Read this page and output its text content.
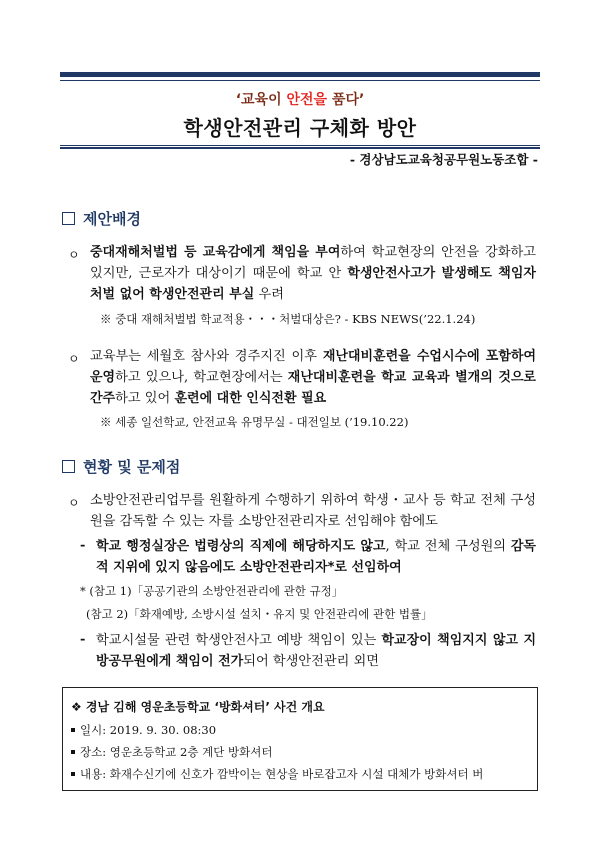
‘교육이 안전을 품다’
학생안전관리 구체화 방안
- 경상남도교육청공무원노동조합 -
제안배경
ㅇ 중대재해처벌법 등 교육감에게 책임을 부여하여 학교현장의 안전을 강화하고 있지만, 근로자가 대상이기 때문에 학교 안 학생안전사고가 발생해도 책임자 처벌 없어 학생안전관리 부실 우려
※ 중대 재해처벌법 학교적용・・・처벌대상은? - KBS NEWS(’22.1.24)
ㅇ 교육부는 세월호 참사와 경주지진 이후 재난대비훈련을 수업시수에 포함하여 운영하고 있으나, 학교현장에서는 재난대비훈련을 학교 교육과 별개의 것으로 간주하고 있어 훈련에 대한 인식전환 필요
※ 세종 일선학교, 안전교육 유명무실 - 대전일보 (’19.10.22)
현황 및 문제점
ㅇ 소방안전관리업무를 원활하게 수행하기 위하여 학생・교사 등 학교 전체 구성원을 감독할 수 있는 자를 소방안전관리자로 선임해야 함에도
- 학교 행정실장은 법령상의 직제에 해당하지도 않고, 학교 전체 구성원의 감독적 지위에 있지 않음에도 소방안전관리자*로 선임하여
* (참고 1)「공공기관의 소방안전관리에 관한 규정」
(참고 2)「화재예방, 소방시설 설치・유지 및 안전관리에 관한 법률」
- 학교시설물 관련 학생안전사고 예방 책임이 있는 학교장이 책임지지 않고 지방공무원에게 책임이 전가되어 학생안전관리 외면
❖ 경남 김해 영운초등학교 ‘방화셔터’ 사건 개요
일시: 2019. 9. 30. 08:30
장소: 영운초등학교 2층 계단 방화셔터
내용: 화재수신기에 신호가 깜박이는 현상을 바로잡고자 시설 대체가 방화셔터 버
